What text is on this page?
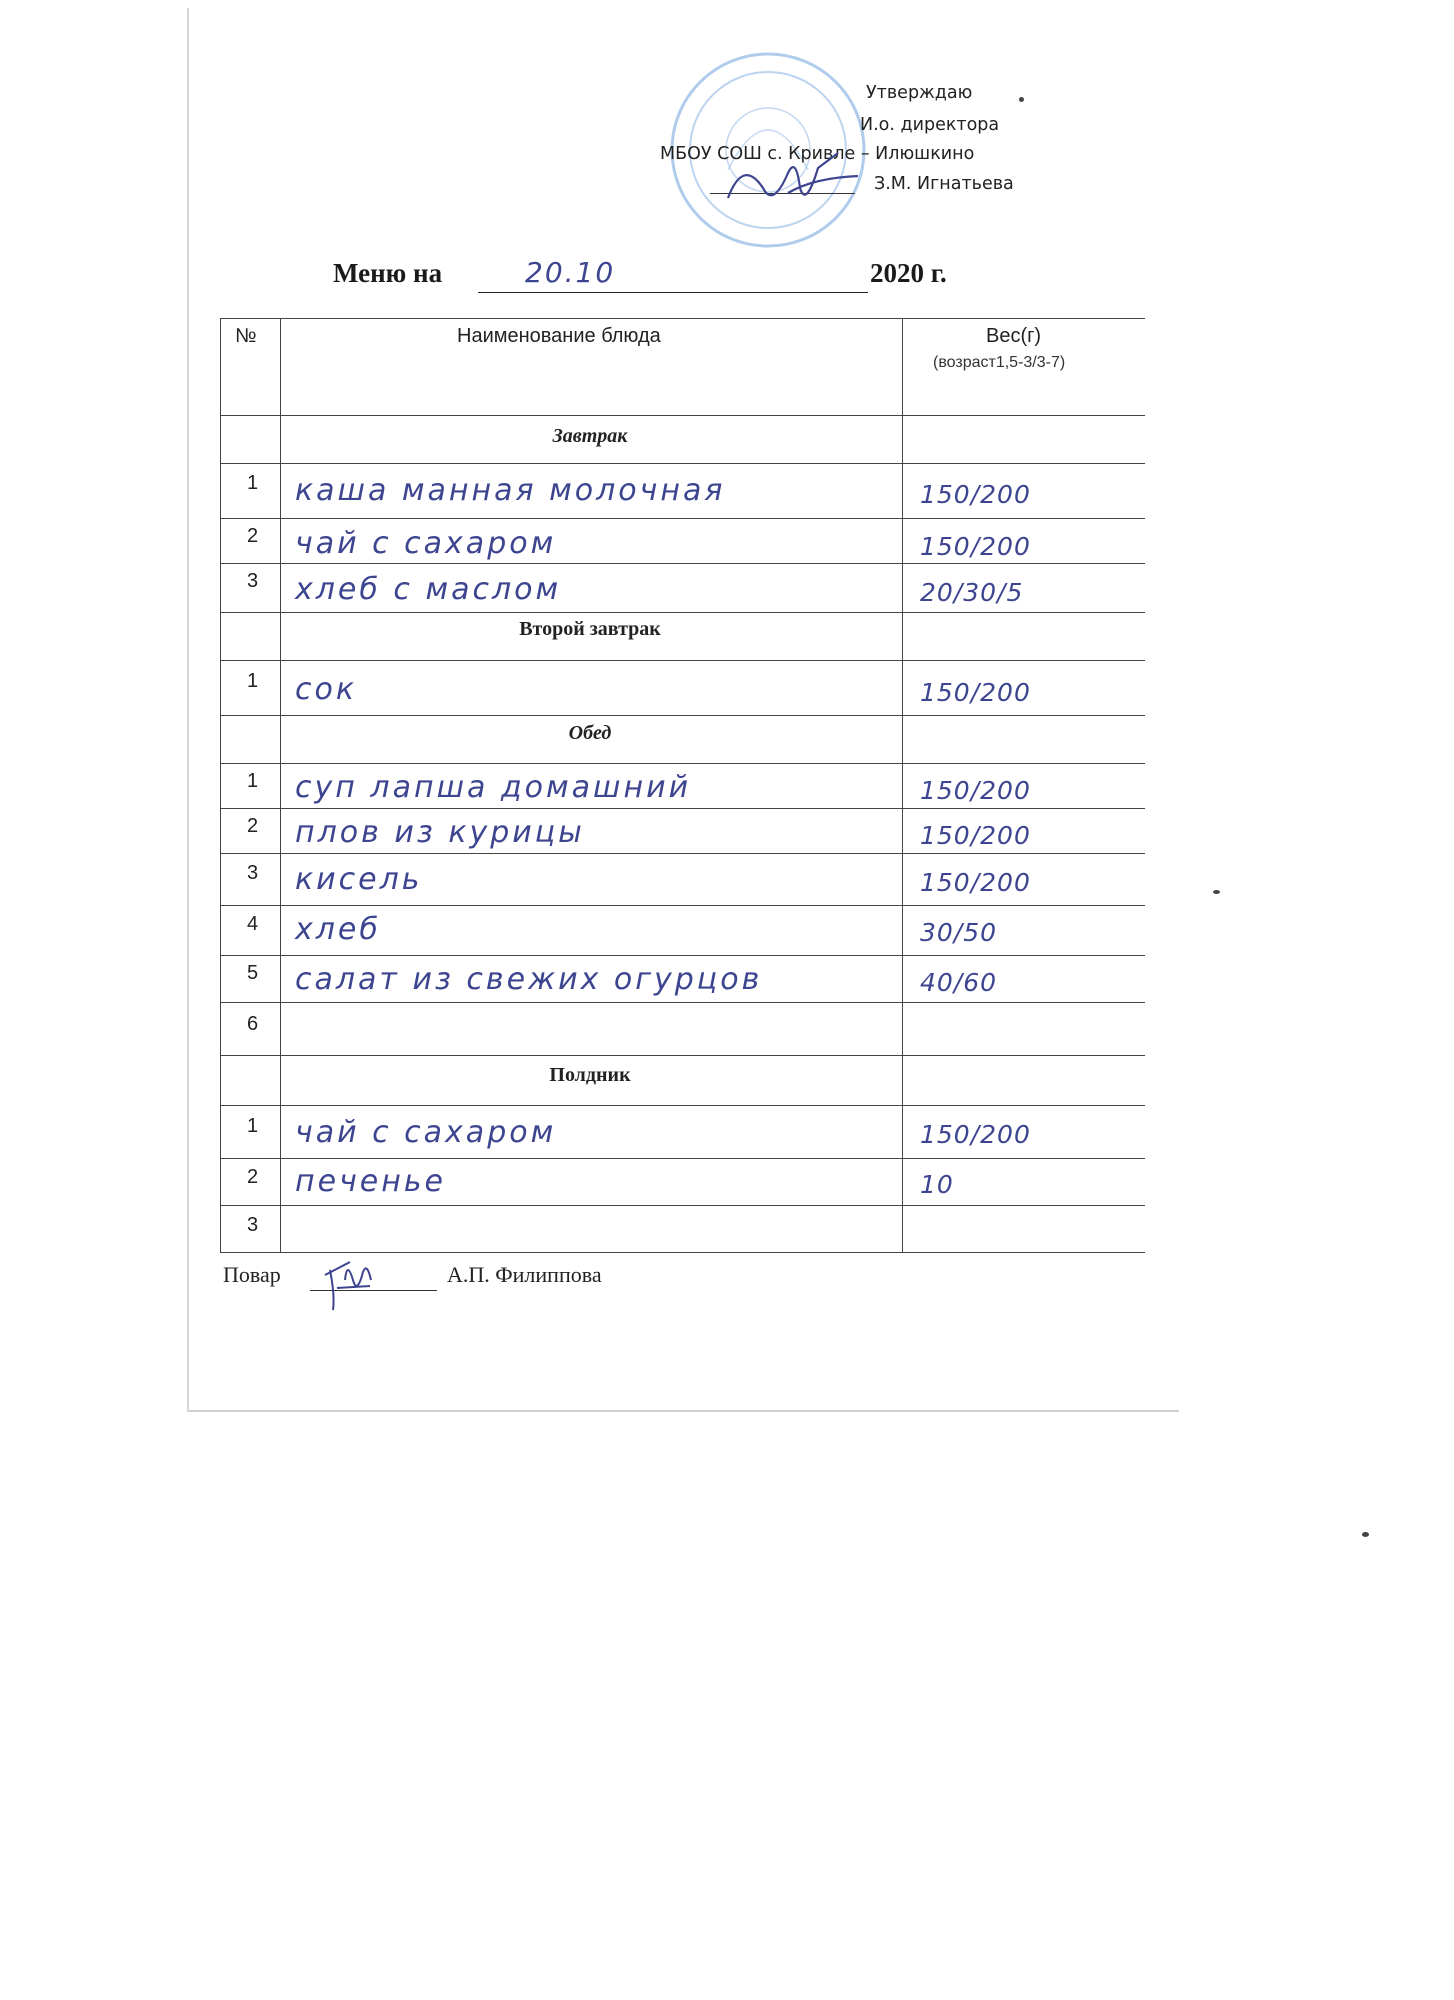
Утверждаю
И.о. директора
МБОУ СОШ с. Кривле – Илюшкино
З.М. Игнатьева
Меню на	20.10	2020 г.
№	Наименование блюда	Вес(г)
(возраст1,5-3/3-7)
Завтрак
1 каша манная молочная	150/200
2 чай с сахаром	150/200
3 хлеб с маслом	20/30/5
Второй завтрак
1 сок	150/200
Обед
1 суп лапша домашний	150/200
2 плов из курицы	150/200
3 кисель	150/200
4 хлеб	30/50
5 салат из свежих огурцов	40/60
6
Полдник
1 чай с сахаром	150/200
2 печенье	10
3
Повар	А.П. Филиппова
